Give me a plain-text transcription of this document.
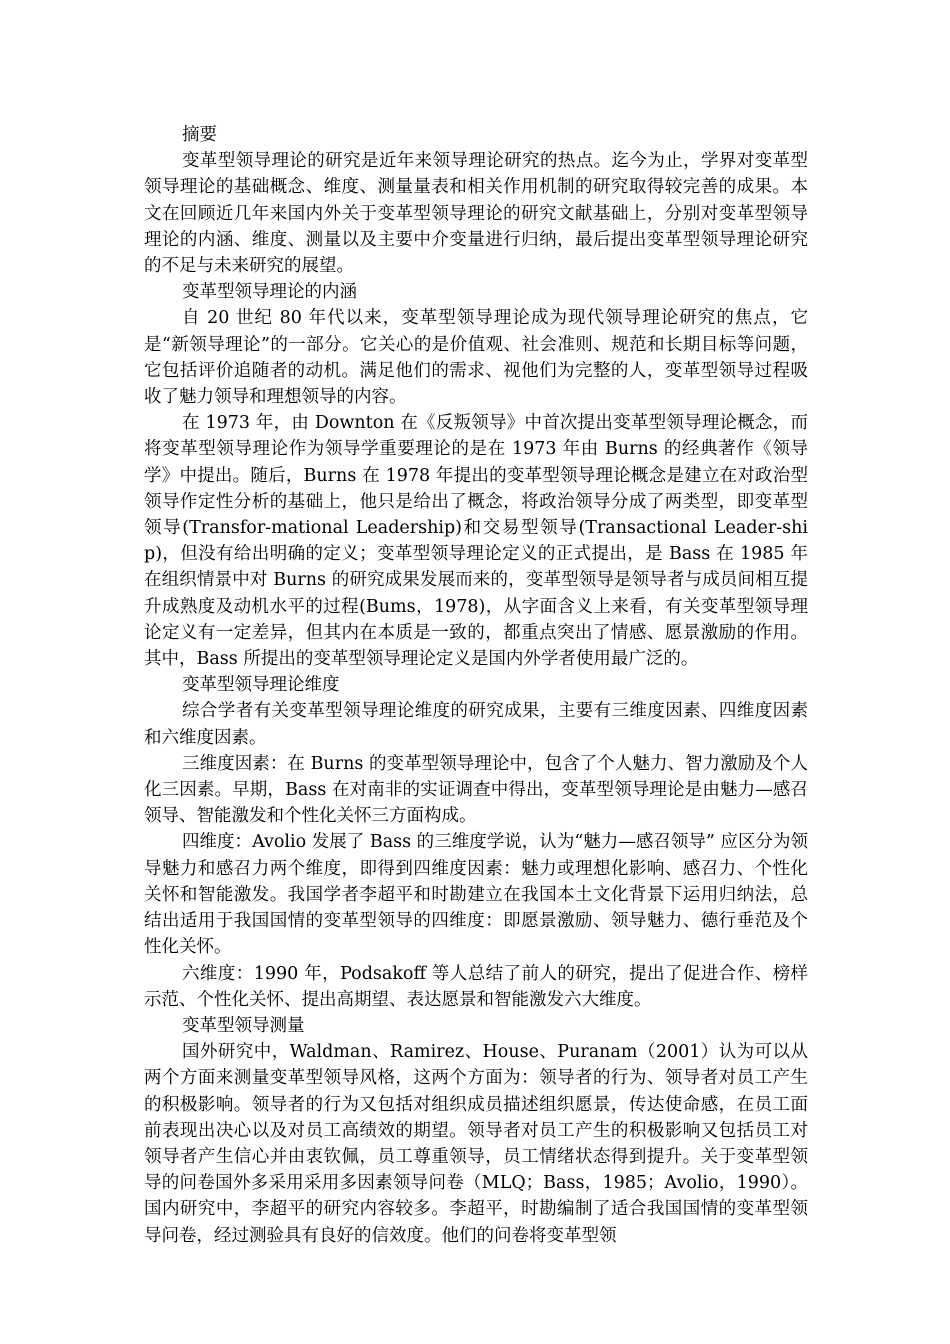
摘要

变革型领导理论的研究是近年来领导理论研究的热点。迄今为止，学界对变革型领导理论的基础概念、维度、测量量表和相关作用机制的研究取得较完善的成果。本文在回顾近几年来国内外关于变革型领导理论的研究文献基础上，分别对变革型领导理论的内涵、维度、测量以及主要中介变量进行归纳，最后提出变革型领导理论研究的不足与未来研究的展望。

变革型领导理论的内涵

自 20 世纪 80 年代以来，变革型领导理论成为现代领导理论研究的焦点，它是“新领导理论”的一部分。它关心的是价值观、社会准则、规范和长期目标等问题，它包括评价追随者的动机。满足他们的需求、视他们为完整的人，变革型领导过程吸收了魅力领导和理想领导的内容。

在 1973 年，由 Downton 在《反叛领导》中首次提出变革型领导理论概念，而将变革型领导理论作为领导学重要理论的是在 1973 年由 Burns 的经典著作《领导学》中提出。随后，Burns 在 1978 年提出的变革型领导理论概念是建立在对政治型领导作定性分析的基础上，他只是给出了概念，将政治领导分成了两类型，即变革型领导(Transfor-mational Leadership)和交易型领导(Transactional Leader-ship)，但没有给出明确的定义；变革型领导理论定义的正式提出，是 Bass 在 1985 年在组织情景中对 Burns 的研究成果发展而来的，变革型领导是领导者与成员间相互提升成熟度及动机水平的过程(Bums，1978)，从字面含义上来看，有关变革型领导理论定义有一定差异，但其内在本质是一致的，都重点突出了情感、愿景激励的作用。其中，Bass 所提出的变革型领导理论定义是国内外学者使用最广泛的。

变革型领导理论维度

综合学者有关变革型领导理论维度的研究成果，主要有三维度因素、四维度因素和六维度因素。

三维度因素：在 Burns 的变革型领导理论中，包含了个人魅力、智力激励及个人化三因素。早期，Bass 在对南非的实证调查中得出，变革型领导理论是由魅力—感召领导、智能激发和个性化关怀三方面构成。

四维度：Avolio 发展了 Bass 的三维度学说，认为“魅力—感召领导” 应区分为领导魅力和感召力两个维度，即得到四维度因素：魅力或理想化影响、感召力、个性化关怀和智能激发。我国学者李超平和时勘建立在我国本土文化背景下运用归纳法，总结出适用于我国国情的变革型领导的四维度：即愿景激励、领导魅力、德行垂范及个性化关怀。

六维度：1990 年，Podsakoff 等人总结了前人的研究，提出了促进合作、榜样示范、个性化关怀、提出高期望、表达愿景和智能激发六大维度。

变革型领导测量

国外研究中，Waldman、Ramirez、House、Puranam（2001）认为可以从两个方面来测量变革型领导风格，这两个方面为：领导者的行为、领导者对员工产生的积极影响。领导者的行为又包括对组织成员描述组织愿景，传达使命感，在员工面前表现出决心以及对员工高绩效的期望。领导者对员工产生的积极影响又包括员工对领导者产生信心并由衷钦佩，员工尊重领导，员工情绪状态得到提升。关于变革型领导的问卷国外多采用采用多因素领导问卷（MLQ；Bass，1985；Avolio，1990）。国内研究中，李超平的研究内容较多。李超平，时勘编制了适合我国国情的变革型领导问卷，经过测验具有良好的信效度。他们的问卷将变革型领
